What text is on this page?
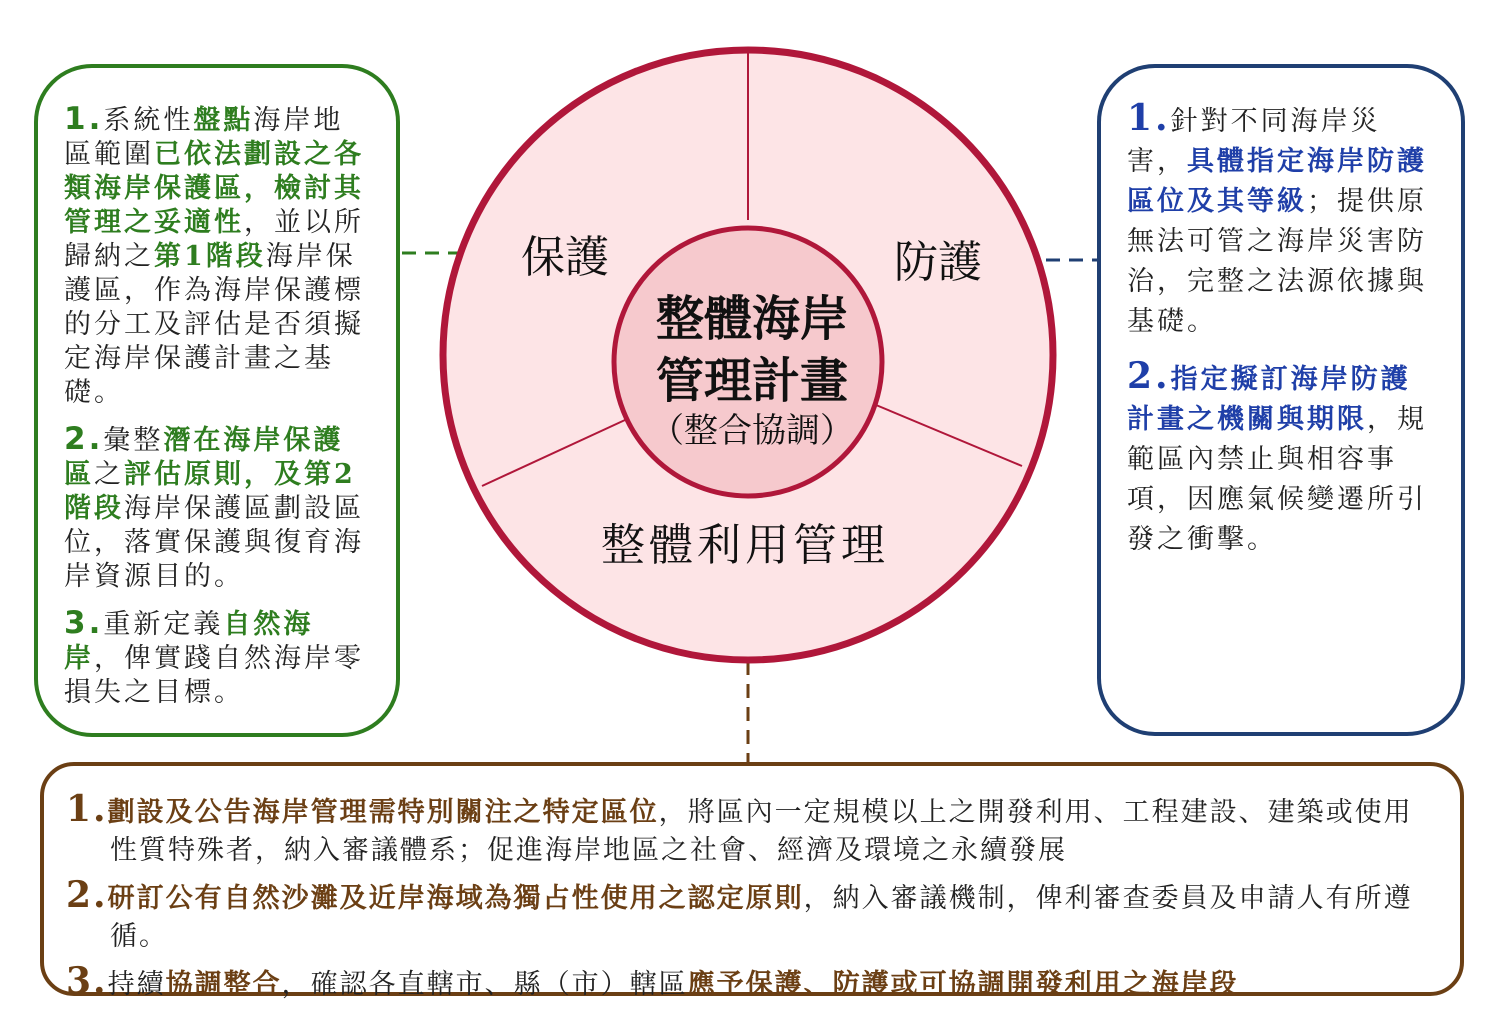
保護	防護
整體利用管理
整體海岸
管理計畫
（整合協調）

1.系統性盤點海岸地區範圍已依法劃設之各類海岸保護區，檢討其管理之妥適性，並以所歸納之第1階段海岸保護區，作為海岸保護標的分工及評估是否須擬定海岸保護計畫之基礎。

2.彙整潛在海岸保護區之評估原則，及第2階段海岸保護區劃設區位，落實保護與復育海岸資源目的。

3.重新定義自然海岸，俾實踐自然海岸零損失之目標。

1.針對不同海岸災害，具體指定海岸防護區位及其等級；提供原無法可管之海岸災害防治，完整之法源依據與基礎。

2.指定擬訂海岸防護計畫之機關與期限，規範區內禁止與相容事項，因應氣候變遷所引發之衝擊。

1.劃設及公告海岸管理需特別關注之特定區位，將區內一定規模以上之開發利用、工程建設、建築或使用性質特殊者，納入審議體系；促進海岸地區之社會、經濟及環境之永續發展

2.研訂公有自然沙灘及近岸海域為獨占性使用之認定原則，納入審議機制，俾利審查委員及申請人有所遵循。

3.持續協調整合，確認各直轄市、縣（市）轄區應予保護、防護或可協調開發利用之海岸段
